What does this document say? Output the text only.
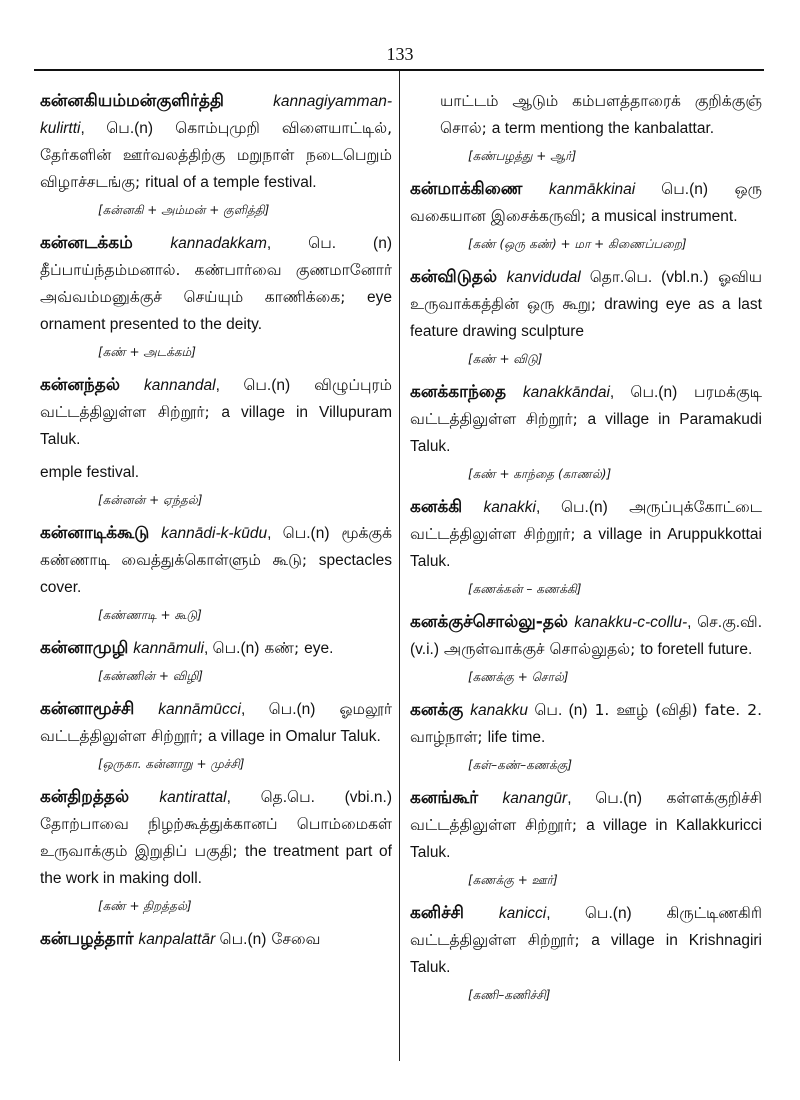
133
கன்னகியம்மன்குளிர்த்தி	kannagiyamman-kulirtti, பெ.(n) கொம்புமுறி விளையாட்டில், தேர்களின் ஊர்வலத்திற்கு மறுநாள் நடைபெறும் விழாச்சடங்கு; ritual of a temple festival.
[கன்னகி + அம்மன் + குளித்தி]
கன்னடக்கம் kannadakkam, பெ. (n) தீப்பாய்ந்தம்மனால். கண்பார்வை குணமானோர் அவ்வம்மனுக்குச் செய்யும் காணிக்கை; eye ornament presented to the deity.
[கண் + அடக்கம்]
கன்னந்தல் kannandal, பெ.(n) விழுப்புரம் வட்டத்திலுள்ள சிற்றூர்; a village in Villupuram Taluk.
emple festival.
[கன்னன் + ஏந்தல்]
கன்னாடிக்கூடு kannādi-k-kūdu, பெ.(n) மூக்குக் கண்ணாடி வைத்துக்கொள்ளும் கூடு; spectacles cover.
[கண்ணாடி + கூடு]
கன்னாமுழி kannāmuli, பெ.(n) கண்; eye.
[கண்ணின் + விழி]
கன்னாமூச்சி kannāmūcci, பெ.(n) ஓமலூர் வட்டத்திலுள்ள சிற்றூர்; a village in Omalur Taluk.
[ஒருகா. கன்னாறு + முச்சி]
கன்திறத்தல் kantirattal, தெ.பெ. (vbi.n.) தோற்பாவை நிழற்கூத்துக்கானப் பொம்மைகள் உருவாக்கும் இறுதிப் பகுதி; the treatment part of the work in making doll.
[கண் + திறத்தல்]
கன்பழத்தார் kanpalattār பெ.(n) சேவை
யாட்டம் ஆடும் கம்பளத்தாரைக் குறிக்குஞ் சொல்; a term mentiong the kanbalattar.
[கண்பழத்து + ஆர்]
கன்மாக்கிணை kanmākkinai பெ.(n) ஒரு வகையான இசைக்கருவி; a musical instrument.
[கண் (ஒரு கண்) + மா + கிணைப்பறை]
கன்விடுதல் kanvidudal தொ.பெ. (vbl.n.) ஓவிய உருவாக்கத்தின் ஒரு கூறு; drawing eye as a last feature drawing sculpture
[கண் + விடு]
கனக்காந்தை kanakkāndai, பெ.(n) பரமக்குடி வட்டத்திலுள்ள சிற்றூர்; a village in Paramakudi Taluk.
[கண் + காந்தை (காணல்)]
கனக்கி kanakki, பெ.(n) அருப்புக்கோட்டை வட்டத்திலுள்ள சிற்றூர்; a village in Aruppukkottai Taluk.
[கணக்கன் – கணக்கி]
கனக்குச்சொல்லு-தல் kanakku-c-collu-, செ.கு.வி.(v.i.) அருள்வாக்குச் சொல்லுதல்; to foretell future.
[கணக்கு + சொல்]
கனக்கு kanakku பெ. (n) 1. ஊழ் (விதி) fate. 2. வாழ்நாள்; life time.
[கள்–கண்–கணக்கு]
கனங்கூர் kanangūr, பெ.(n) கள்ளக்குறிச்சி வட்டத்திலுள்ள சிற்றூர்; a village in Kallakkuricci Taluk.
[கணக்கு + ஊர்]
கனிச்சி kanicci, பெ.(n) கிருட்டிணகிரி வட்டத்திலுள்ள சிற்றூர்; a village in Krishnagiri Taluk.
[கணி–கணிச்சி]
